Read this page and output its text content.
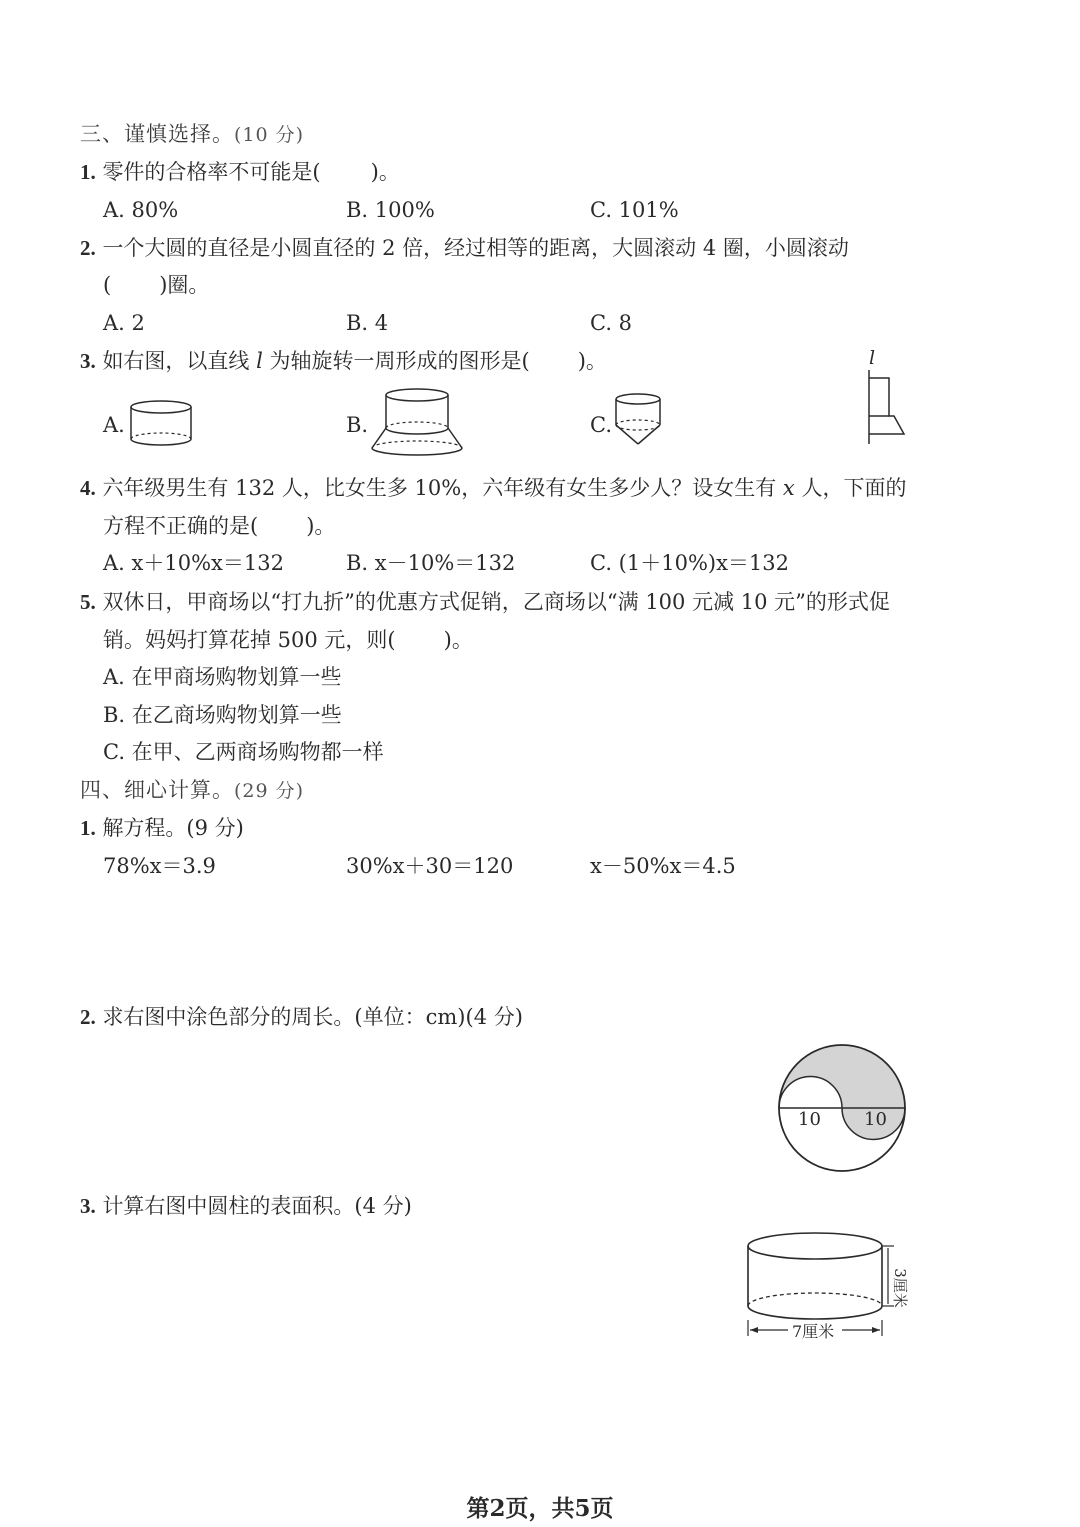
三、谨慎选择。(10 分)
1. 零件的合格率不可能是( )。
A. 80%	B. 100%	C. 101%
2. 一个大圆的直径是小圆直径的 2 倍，经过相等的距离，大圆滚动 4 圈，小圆滚动
( )圈。
A. 2	B. 4	C. 8
3. 如右图，以直线 l 为轴旋转一周形成的图形是( )。
A.	B.	C.
l
4. 六年级男生有 132 人，比女生多 10%，六年级有女生多少人？设女生有 x 人，下面的
方程不正确的是( )。
A. x＋10%x＝132	B. x－10%＝132	C. (1＋10%)x＝132
5. 双休日，甲商场以“打九折”的优惠方式促销，乙商场以“满 100 元减 10 元”的形式促
销。妈妈打算花掉 500 元，则( )。
A. 在甲商场购物划算一些
B. 在乙商场购物划算一些
C. 在甲、乙两商场购物都一样
四、细心计算。(29 分)
1. 解方程。(9 分)
78%x＝3.9	30%x＋30＝120	x－50%x＝4.5
2. 求右图中涂色部分的周长。(单位：cm)(4 分)
10 10
3. 计算右图中圆柱的表面积。(4 分)
7厘米
3厘米
第2页，共5页
